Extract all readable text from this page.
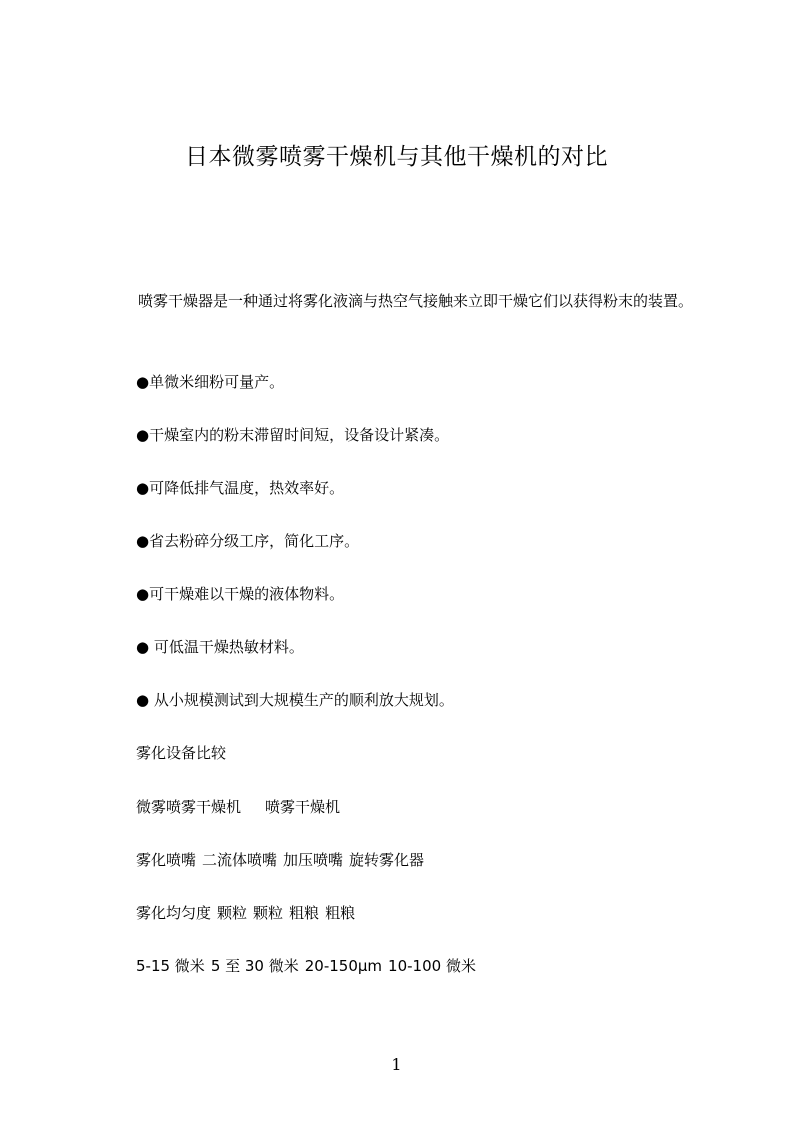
日本微雾喷雾干燥机与其他干燥机的对比
喷雾干燥器是一种通过将雾化液滴与热空气接触来立即干燥它们以获得粉末的装置。
●单微米细粉可量产。
●干燥室内的粉末滞留时间短，设备设计紧凑。
●可降低排气温度，热效率好。
●省去粉碎分级工序，简化工序。
●可干燥难以干燥的液体物料。
● 可低温干燥热敏材料。
● 从小规模测试到大规模生产的顺利放大规划。
雾化设备比较
微雾喷雾干燥机 喷雾干燥机
雾化喷嘴 二流体喷嘴 加压喷嘴 旋转雾化器
雾化均匀度 颗粒 颗粒 粗粮 粗粮
5-15 微米 5 至 30 微米 20-150μm 10-100 微米
1
